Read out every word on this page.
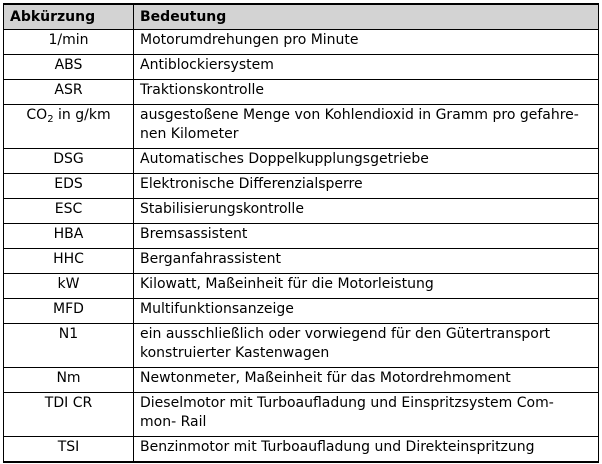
Abkürzung	Bedeutung
1/min	Motorumdrehungen pro Minute
ABS	Antiblockiersystem
ASR	Traktionskontrolle
$CO_2$ in g/km	ausgestoßene Menge von Kohlendioxid in Gramm pro gefahre-
nen Kilometer

DSG	Automatisches Doppelkupplungsgetriebe
EDS	Elektronische Differenzialsperre
ESC	Stabilisierungskontrolle
HBA	Bremsassistent
HHC	Berganfahrassistent
kW	Kilowatt, Maßeinheit für die Motorleistung
MFD	Multifunktionsanzeige
N1	ein ausschließlich oder vorwiegend für den Gütertransport
konstruierter Kastenwagen

Nm	Newtonmeter, Maßeinheit für das Motordrehmoment
TDI CR	Dieselmotor mit Turboaufladung und Einspritzsystem Com-
mon- Rail

TSI	Benzinmotor mit Turboaufladung und Direkteinspritzung
